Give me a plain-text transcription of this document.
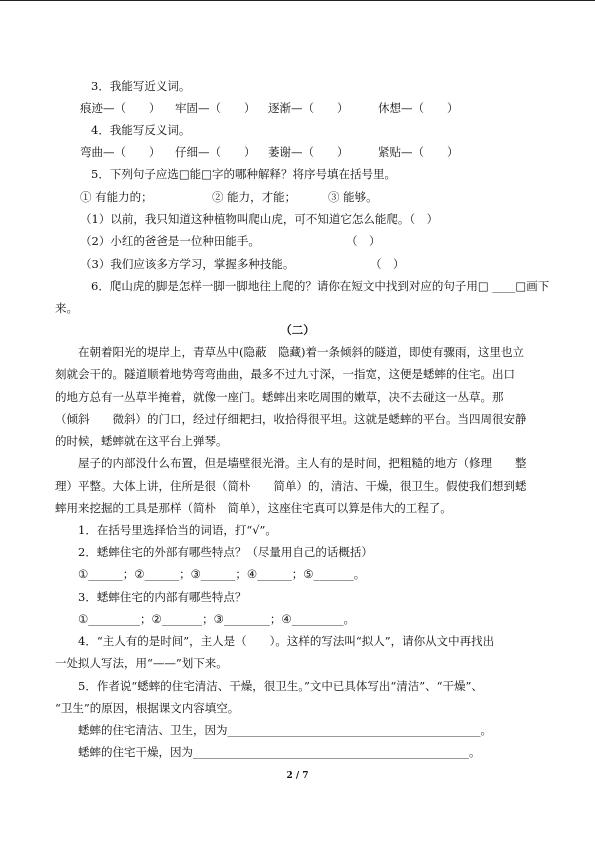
3．我能写近义词。
痕迹—（　　） 牢固—（　　） 逐渐—（　　）	休想—（　　）
4．我能写反义词。
弯曲—（　　） 仔细—（　　） 萎谢—（　　）	紧贴—（　　）
5．下列句子应选□能□字的哪种解释？将序号填在括号里。
① 有能力的；	② 能力，才能；	③ 能够。
（1）以前，我只知道这种植物叫爬山虎，可不知道它怎么能爬。（　）
（2）小红的爸爸是一位种田能手。	（　）
（3）我们应该多方学习，掌握多种技能。	（　）
6．爬山虎的脚是怎样一脚一脚地往上爬的？请你在短文中找到对应的句子用□ ____□画下
来。
（二）
在朝着阳光的堤岸上，青草丛中(隐蔽　隐藏)着一条倾斜的隧道，即使有骤雨，这里也立
刻就会干的。隧道顺着地势弯弯曲曲，最多不过九寸深，一指宽，这便是蟋蟀的住宅。出口
的地方总有一丛草半掩着，就像一座门。蟋蟀出来吃周围的嫩草，决不去碰这一丛草。那
（倾斜　　微斜）的门口，经过仔细耙扫，收拾得很平坦。这就是蟋蟀的平台。当四周很安静
的时候，蟋蟀就在这平台上弹琴。
屋子的内部没什么布置，但是墙壁很光滑。主人有的是时间，把粗糙的地方（修理　　整
理）平整。大体上讲，住所是很（简朴　　简单）的，清洁、干燥，很卫生。假使我们想到蟋
蟀用来挖掘的工具是那样（简朴　简单），这座住宅真可以算是伟大的工程了。
1．在括号里选择恰当的词语，打“√”。
2．蟋蟀住宅的外部有哪些特点？（尽量用自己的话概括）
①______；②______；③______；④______；⑤_______。
3．蟋蟀住宅的内部有哪些特点？
①_________；②_______；③________；④_________。
4．“主人有的是时间”，主人是（　　）。这样的写法叫“拟人”，请你从文中再找出
一处拟人写法，用“——”划下来。
5．作者说“蟋蟀的住宅清洁、干燥，很卫生。”文中已具体写出“清洁”、“干燥”、
“卫生”的原因，根据课文内容填空。
蟋蟀的住宅清洁、卫生，因为____________________________________________。
蟋蟀的住宅干燥，因为________________________________________________。
2 / 7
